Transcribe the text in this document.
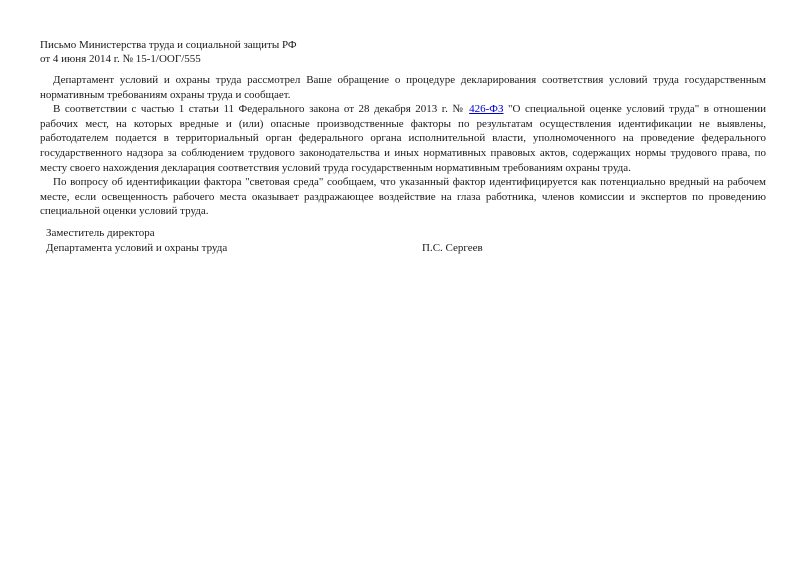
Письмо Министерства труда и социальной защиты РФ
от 4 июня 2014 г. № 15-1/ООГ/555

Департамент условий и охраны труда рассмотрел Ваше обращение о процедуре декларирования соответствия условий труда государственным нормативным требованиям охраны труда и сообщает.

В соответствии с частью 1 статьи 11 Федерального закона от 28 декабря 2013 г. № 426-ФЗ "О специальной оценке условий труда" в отношении рабочих мест, на которых вредные и (или) опасные производственные факторы по результатам осуществления идентификации не выявлены, работодателем подается в территориальный орган федерального органа исполнительной власти, уполномоченного на проведение федерального государственного надзора за соблюдением трудового законодательства и иных нормативных правовых актов, содержащих нормы трудового права, по месту своего нахождения декларация соответствия условий труда государственным нормативным требованиям охраны труда.

По вопросу об идентификации фактора "световая среда" сообщаем, что указанный фактор идентифицируется как потенциально вредный на рабочем месте, если освещенность рабочего места оказывает раздражающее воздействие на глаза работника, членов комиссии и экспертов по проведению специальной оценки условий труда.

Заместитель директора
Департамента условий и охраны труда	П.С. Сергеев
